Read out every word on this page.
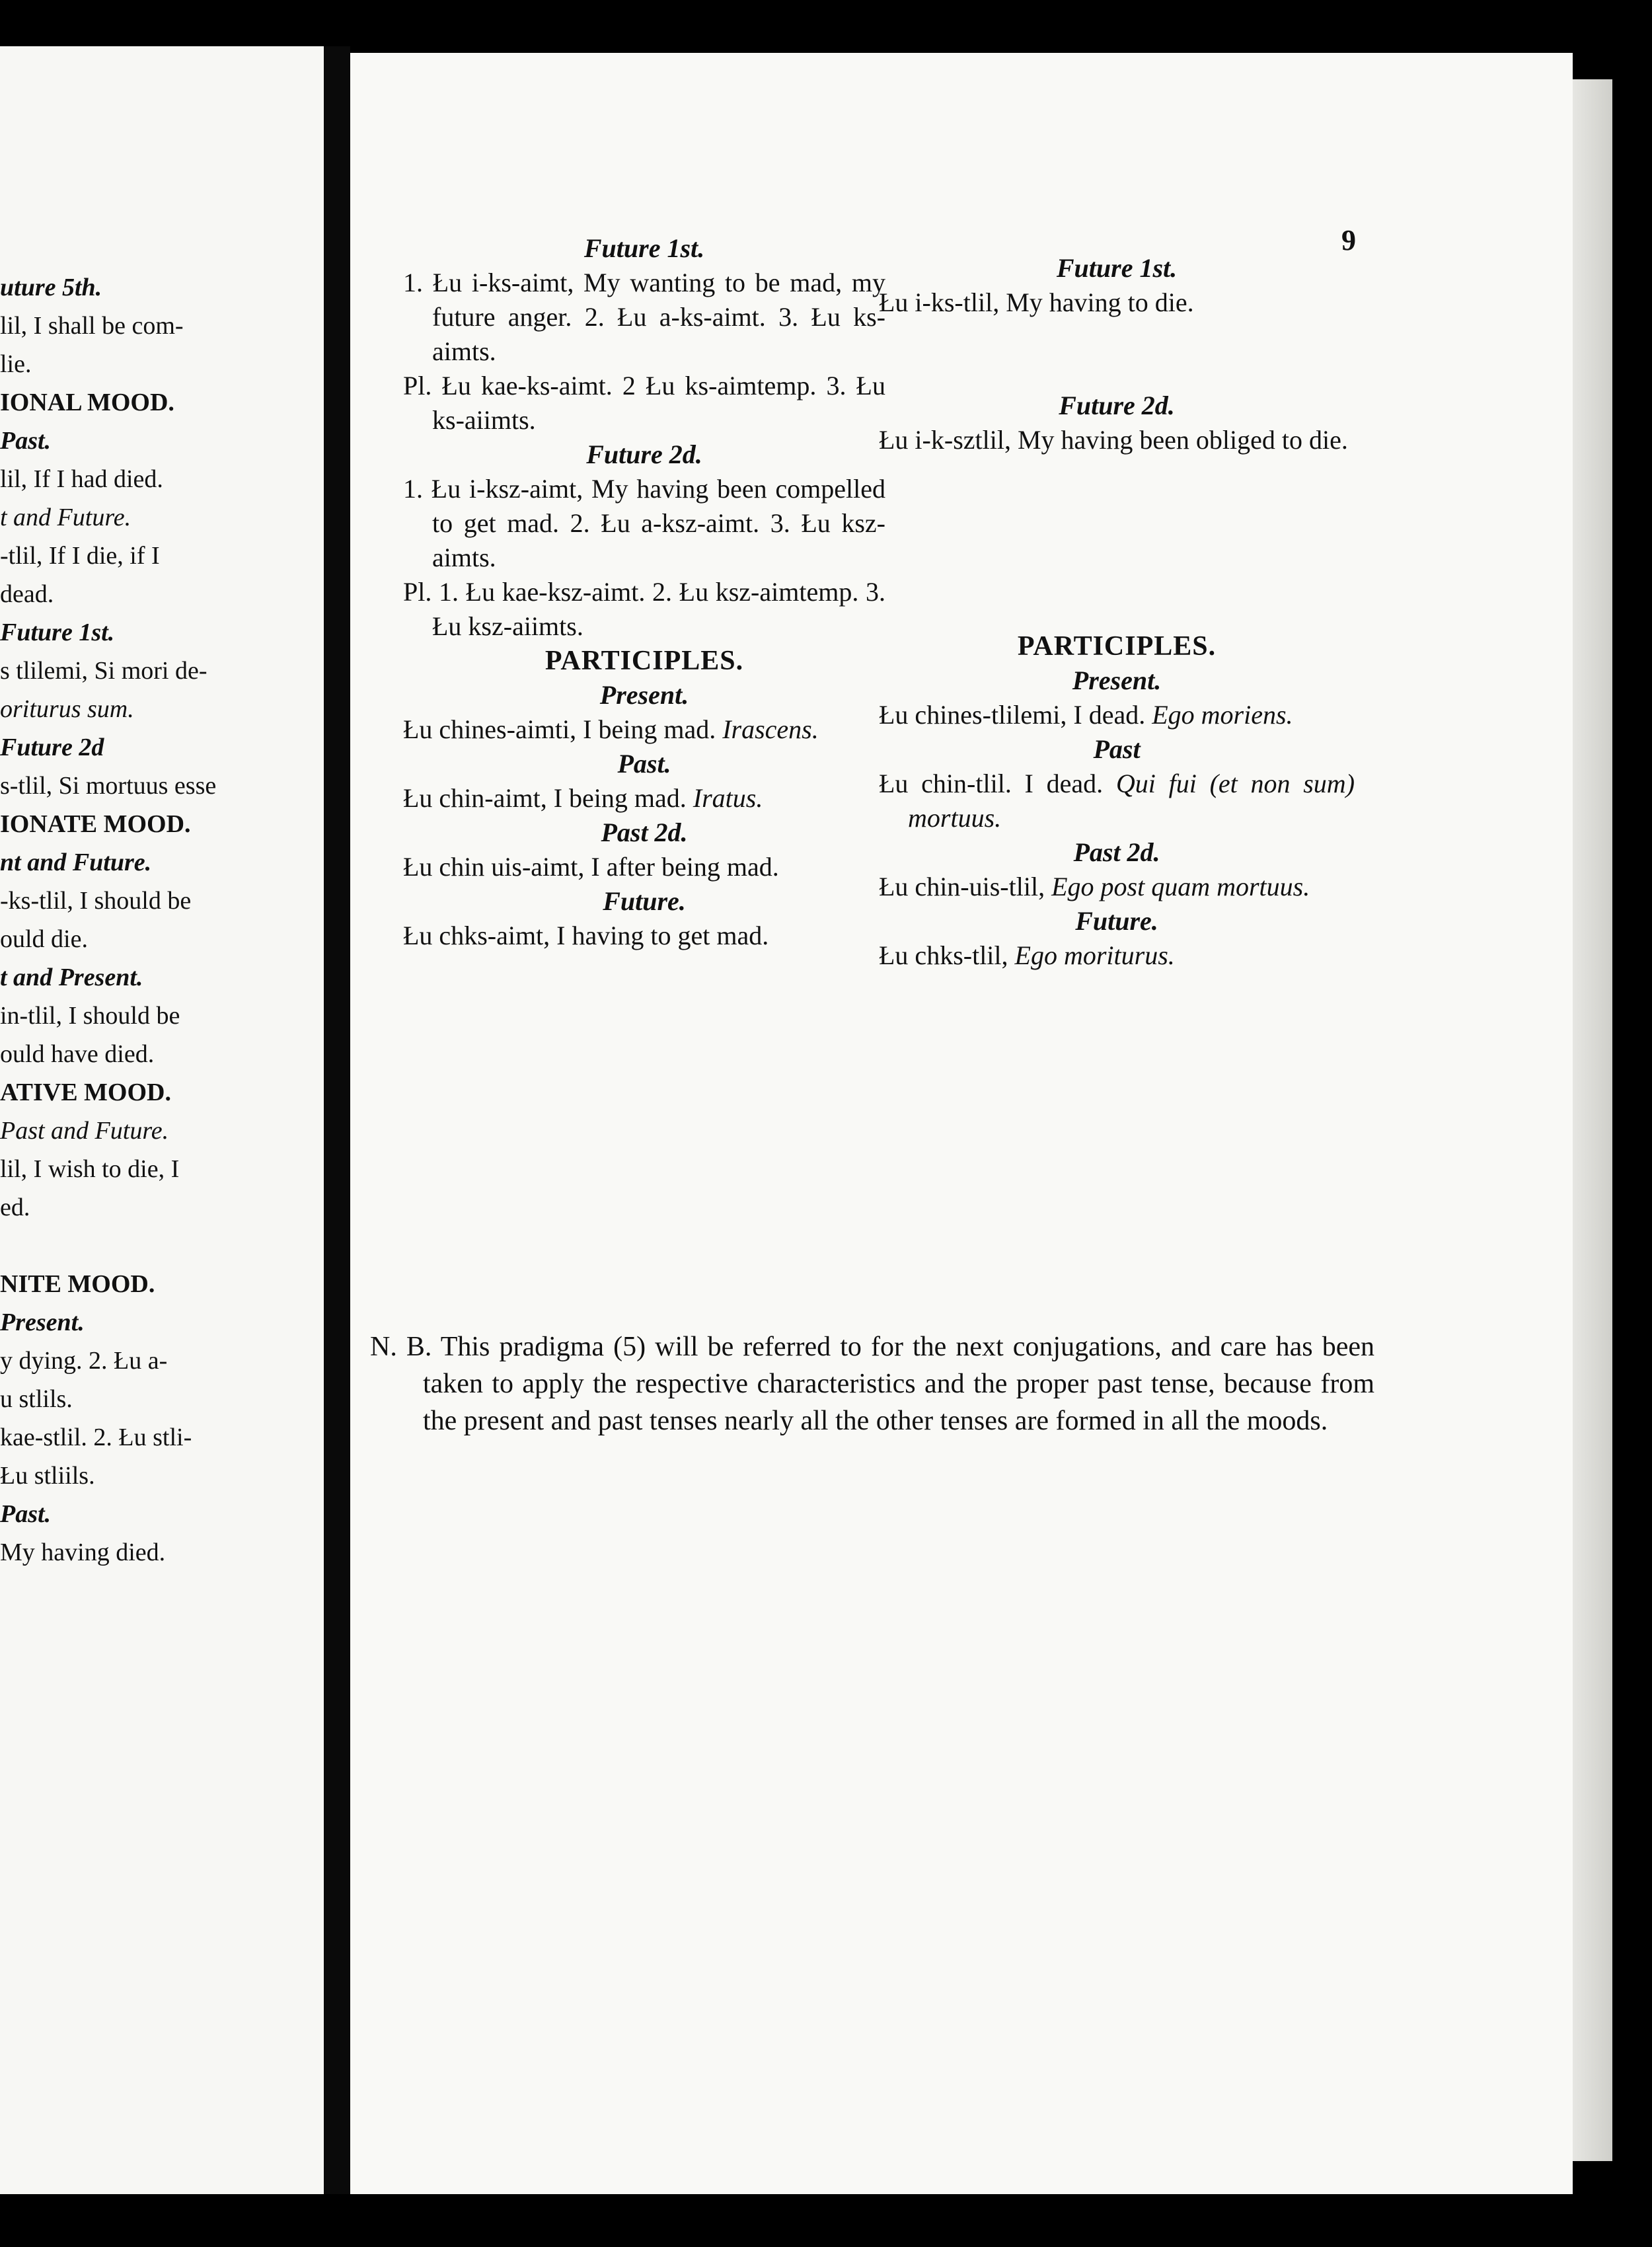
uture 5th.
lil, I shall be com-
lie.
IONAL MOOD.
Past.
lil, If I had died.
t and Future.
-tlil, If I die, if I
dead.
Future 1st.
s tlilemi, Si mori de-
oriturus sum.
Future 2d
s-tlil, Si mortuus esse
IONATE MOOD.
nt and Future.
-ks-tlil, I should be
ould die.
t and Present.
in-tlil, I should be
ould have died.
ATIVE MOOD.
Past and Future.
lil, I wish to die, I
ed.
NITE MOOD.
Present.
y dying. 2. Łu a-
u stlils.
kae-stlil. 2. Łu stli-
Łu stliils.
Past.
My having died.
9
Future 1st.
1. Łu i-ks-aimt, My wanting to be mad, my future anger. 2. Łu a-ks-aimt. 3. Łu ks-aimts.
Pl. Łu kae-ks-aimt. 2 Łu ks-aimtemp. 3. Łu ks-aiimts.
Future 2d.
1. Łu i-ksz-aimt, My having been compelled to get mad. 2. Łu a-ksz-aimt. 3. Łu ksz-aimts.
Pl. 1. Łu kae-ksz-aimt. 2. Łu ksz-aimtemp. 3. Łu ksz-aiimts.
PARTICIPLES.
Present.
Łu chines-aimti, I being mad. Irascens.
Past.
Łu chin-aimt, I being mad. Iratus.
Past 2d.
Łu chin uis-aimt, I after being mad.
Future.
Łu chks-aimt, I having to get mad.
Future 1st.
Łu i-ks-tlil, My having to die.
Future 2d.
Łu i-k-sztlil, My having been obliged to die.
PARTICIPLES.
Present.
Łu chines-tlilemi, I dead. Ego moriens.
Past
Łu chin-tlil. I dead. Qui fui (et non sum) mortuus.
Past 2d.
Łu chin-uis-tlil, Ego post quam mortuus.
Future.
Łu chks-tlil, Ego moriturus.
N. B. This pradigma (5) will be referred to for the next conjugations, and care has been taken to apply the respective characteristics and the proper past tense, because from the present and past tenses nearly all the other tenses are formed in all the moods.
